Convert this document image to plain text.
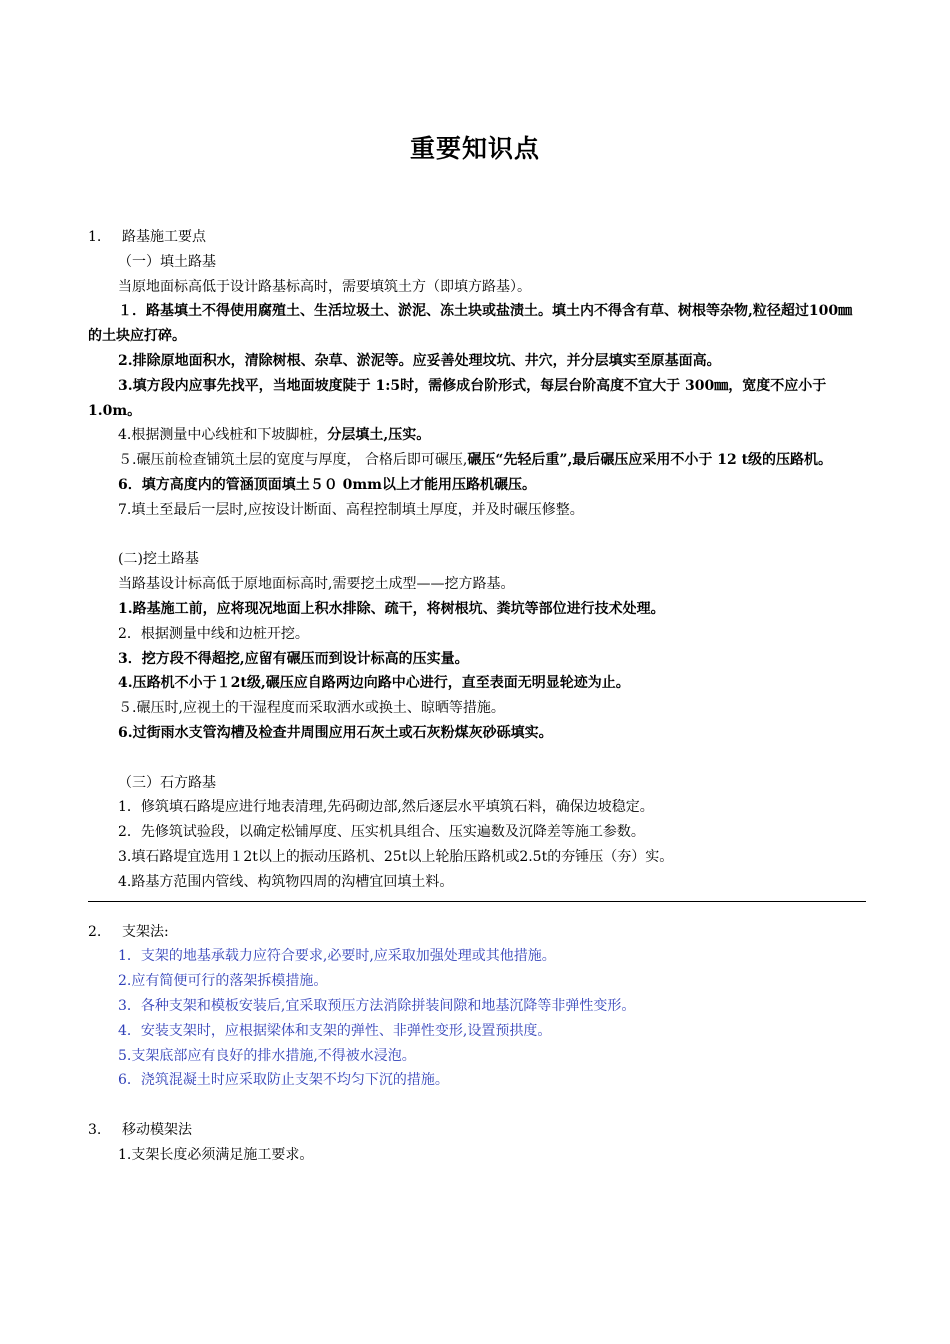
重要知识点
1. 路基施工要点
（一）填土路基
当原地面标高低于设计路基标高时，需要填筑土方（即填方路基）。
１．路基填土不得使用腐殖土、生活垃圾土、淤泥、冻土块或盐渍土。填土内不得含有草、树根等杂物,粒径超过100㎜的土块应打碎。
2.排除原地面积水，清除树根、杂草、淤泥等。应妥善处理坟坑、井穴，并分层填实至原基面高。
3.填方段内应事先找平，当地面坡度陡于 1:5时，需修成台阶形式，每层台阶高度不宜大于 300㎜，宽度不应小于 1.0m。
4.根据测量中心线桩和下坡脚桩，分层填土,压实。
５.碾压前检查铺筑土层的宽度与厚度， 合格后即可碾压,碾压“先轻后重”,最后碾压应采用不小于 12 t级的压路机。
6．填方高度内的管涵顶面填土５０ 0mm以上才能用压路机碾压。
7.填土至最后一层时,应按设计断面、高程控制填土厚度，并及时碾压修整。
(二)挖土路基
当路基设计标高低于原地面标高时,需要挖土成型——挖方路基。
1.路基施工前，应将现况地面上积水排除、疏干，将树根坑、粪坑等部位进行技术处理。
2．根据测量中线和边桩开挖。
3．挖方段不得超挖,应留有碾压而到设计标高的压实量。
4.压路机不小于１2t级,碾压应自路两边向路中心进行，直至表面无明显轮迹为止。
５.碾压时,应视土的干湿程度而采取洒水或换土、晾晒等措施。
6.过街雨水支管沟槽及检查井周围应用石灰土或石灰粉煤灰砂砾填实。
（三）石方路基
1．修筑填石路堤应进行地表清理,先码砌边部,然后逐层水平填筑石料，确保边坡稳定。
2．先修筑试验段，以确定松铺厚度、压实机具组合、压实遍数及沉降差等施工参数。
3.填石路堤宜选用１2t以上的振动压路机、25t以上轮胎压路机或2.5t的夯锤压（夯）实。
4.路基方范围内管线、构筑物四周的沟槽宜回填土料。
2. 支架法:
1．支架的地基承载力应符合要求,必要时,应采取加强处理或其他措施。
2.应有简便可行的落架拆模措施。
3．各种支架和模板安装后,宜采取预压方法消除拼装间隙和地基沉降等非弹性变形。
4．安装支架时，应根据梁体和支架的弹性、非弹性变形,设置预拱度。
5.支架底部应有良好的排水措施,不得被水浸泡。
6．浇筑混凝土时应采取防止支架不均匀下沉的措施。
3. 移动模架法
1.支架长度必须满足施工要求。
